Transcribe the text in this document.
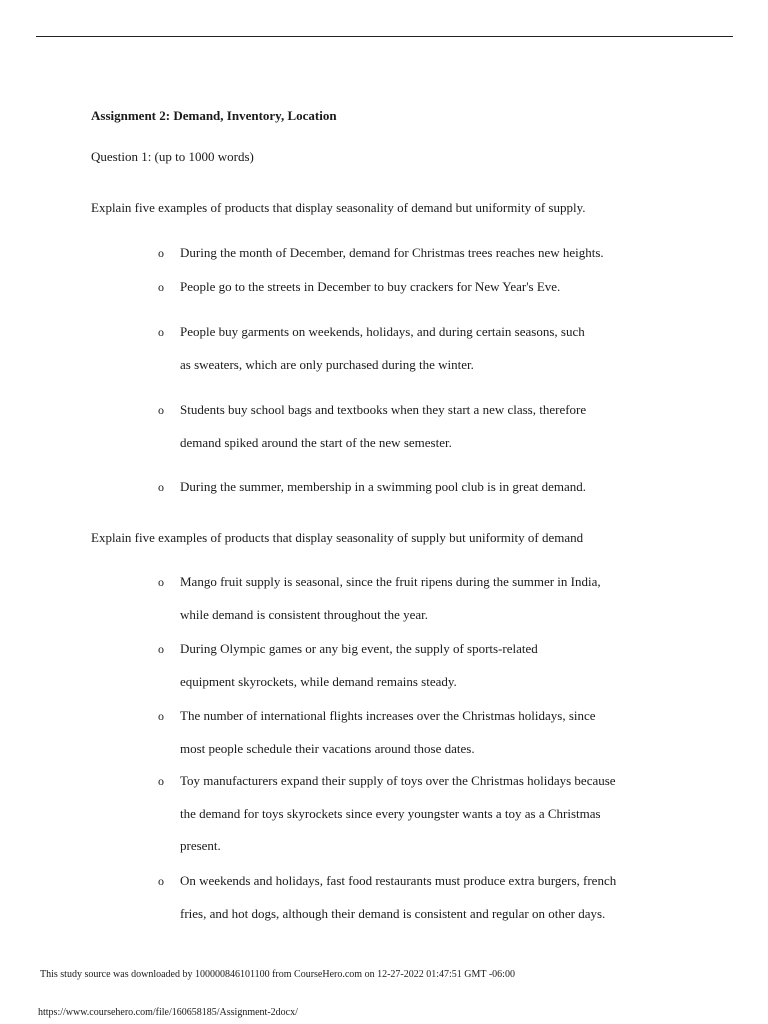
Assignment 2: Demand, Inventory, Location
Question 1: (up to 1000 words)
Explain five examples of products that display seasonality of demand but uniformity of supply.
o During the month of December, demand for Christmas trees reaches new heights.
o People go to the streets in December to buy crackers for New Year's Eve.
o People buy garments on weekends, holidays, and during certain seasons, such
as sweaters, which are only purchased during the winter.
o Students buy school bags and textbooks when they start a new class, therefore
demand spiked around the start of the new semester.
o During the summer, membership in a swimming pool club is in great demand.
Explain five examples of products that display seasonality of supply but uniformity of demand
o Mango fruit supply is seasonal, since the fruit ripens during the summer in India,
while demand is consistent throughout the year.
o During Olympic games or any big event, the supply of sports-related
equipment skyrockets, while demand remains steady.
o The number of international flights increases over the Christmas holidays, since
most people schedule their vacations around those dates.
o Toy manufacturers expand their supply of toys over the Christmas holidays because
the demand for toys skyrockets since every youngster wants a toy as a Christmas
present.
o On weekends and holidays, fast food restaurants must produce extra burgers, french
fries, and hot dogs, although their demand is consistent and regular on other days.
This study source was downloaded by 100000846101100 from CourseHero.com on 12-27-2022 01:47:51 GMT -06:00
https://www.coursehero.com/file/160658185/Assignment-2docx/
